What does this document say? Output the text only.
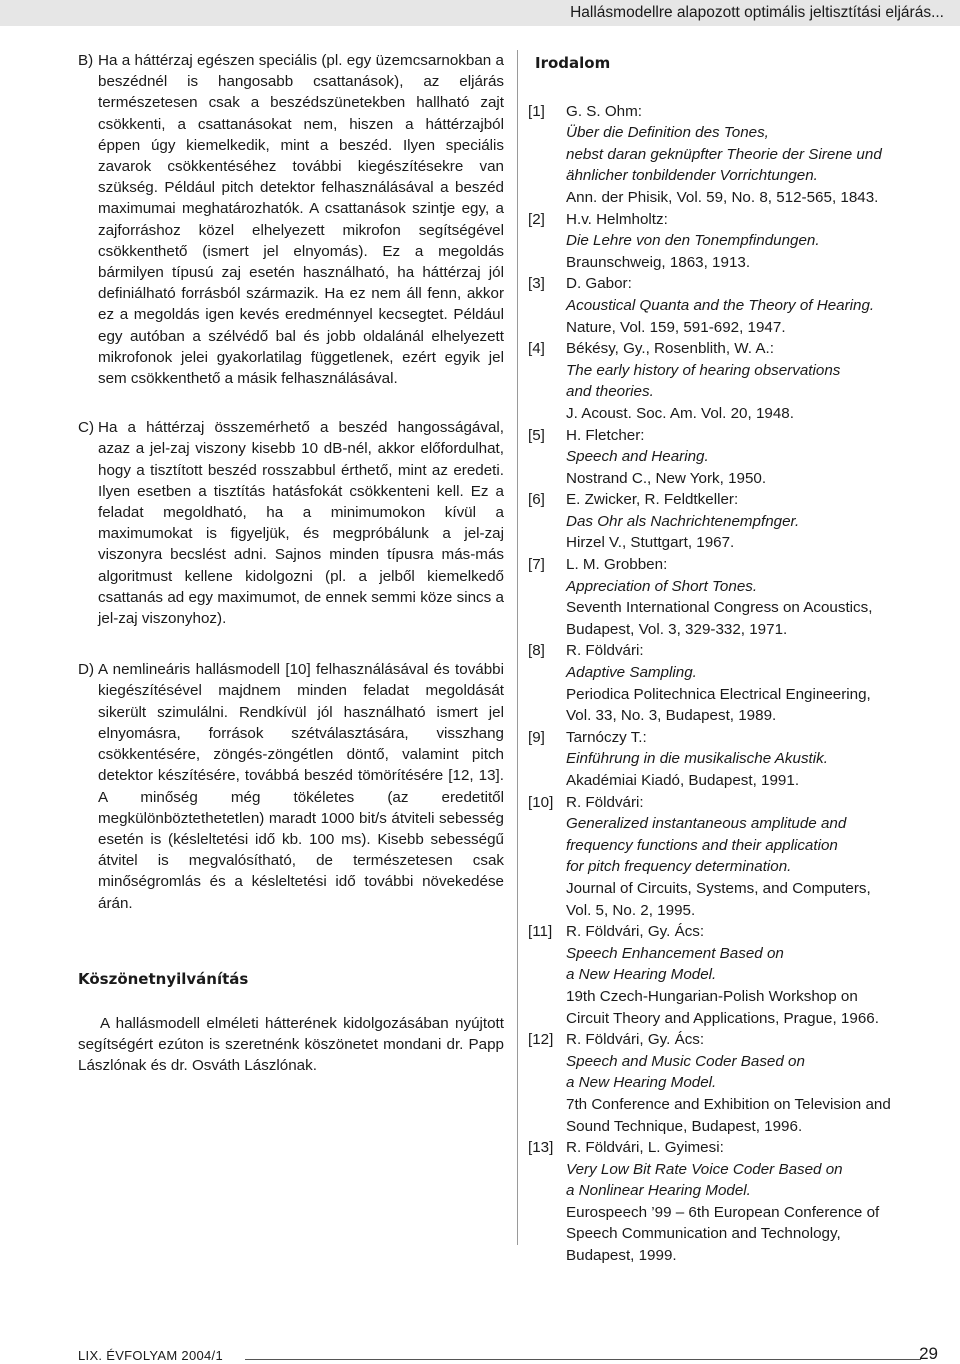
Hallásmodellre alapozott optimális jeltisztítási eljárás...
B) Ha a háttérzaj egészen speciális (pl. egy üzemcsarnokban a beszédnél is hangosabb csattanások), az eljárás természetesen csak a beszédszünetekben hallható zajt csökkenti, a csattanásokat nem, hiszen a háttérzajból éppen úgy kiemelkedik, mint a beszéd. Ilyen speciális zavarok csökkentéséhez további kiegészítésekre van szükség. Például pitch detektor felhasználásával a beszéd maximumai meghatározhatók. A csattanások szintje egy, a zajforráshoz közel elhelyezett mikrofon segítségével csökkenthető (ismert jel elnyomás). Ez a megoldás bármilyen típusú zaj esetén használható, ha háttérzaj jól definiálható forrásból származik. Ha ez nem áll fenn, akkor ez a megoldás igen kevés eredménnyel kecsegtet. Például egy autóban a szélvédő bal és jobb oldalánál elhelyezett mikrofonok jelei gyakorlatilag függetlenek, ezért egyik jel sem csökkenthető a másik felhasználásával.
C) Ha a háttérzaj összemérhető a beszéd hangosságával, azaz a jel-zaj viszony kisebb 10 dB-nél, akkor előfordulhat, hogy a tisztított beszéd rosszabbul érthető, mint az eredeti. Ilyen esetben a tisztítás hatásfokát csökkenteni kell. Ez a feladat megoldható, ha a minimumokon kívül a maximumokat is figyeljük, és megpróbálunk a jel-zaj viszonyra becslést adni. Sajnos minden típusra más-más algoritmust kellene kidolgozni (pl. a jelből kiemelkedő csattanás ad egy maximumot, de ennek semmi köze sincs a jel-zaj viszonyhoz).
D) A nemlineáris hallásmodell [10] felhasználásával és további kiegészítésével majdnem minden feladat megoldását sikerült szimulálni. Rendkívül jól használható ismert jel elnyomásra, források szétválasztására, visszhang csökkentésére, zöngés-zöngétlen döntő, valamint pitch detektor készítésére, továbbá beszéd tömörítésére [12, 13]. A minőség még tökéletes (az eredetitől megkülönböztethetetlen) maradt 1000 bit/s átviteli sebesség esetén is (késleltetési idő kb. 100 ms). Kisebb sebességű átvitel is megvalósítható, de természetesen csak minőségromlás és a késleltetési idő további növekedése árán.
Köszönetnyilvánítás
A hallásmodell elméleti hátterének kidolgozásában nyújtott segítségért ezúton is szeretnénk köszönetet mondani dr. Papp Lászlónak és dr. Osváth Lászlónak.
Irodalom
[1]	G. S. Ohm:
Über die Definition des Tones,
nebst daran geknüpfter Theorie der Sirene und
ähnlicher tonbildender Vorrichtungen.
Ann. der Phisik, Vol. 59, No. 8, 512-565, 1843.
[2]	H.v. Helmholtz:
Die Lehre von den Tonempfindungen.
Braunschweig, 1863, 1913.
[3]	D. Gabor:
Acoustical Quanta and the Theory of Hearing.
Nature, Vol. 159, 591-692, 1947.
[4]	Békésy, Gy., Rosenblith, W. A.:
The early history of hearing observations
and theories.
J. Acoust. Soc. Am. Vol. 20, 1948.
[5]	H. Fletcher:
Speech and Hearing.
Nostrand C., New York, 1950.
[6]	E. Zwicker, R. Feldtkeller:
Das Ohr als Nachrichtenempfnger.
Hirzel V., Stuttgart, 1967.
[7]	L. M. Grobben:
Appreciation of Short Tones.
Seventh International Congress on Acoustics,
Budapest, Vol. 3, 329-332, 1971.
[8]	R. Földvári:
Adaptive Sampling.
Periodica Politechnica Electrical Engineering,
Vol. 33, No. 3, Budapest, 1989.
[9]	Tarnóczy T.:
Einführung in die musikalische Akustik.
Akadémiai Kiadó, Budapest, 1991.
[10] R. Földvári:
Generalized instantaneous amplitude and
frequency functions and their application
for pitch frequency determination.
Journal of Circuits, Systems, and Computers,
Vol. 5, No. 2, 1995.
[11] R. Földvári, Gy. Ács:
Speech Enhancement Based on
a New Hearing Model.
19th Czech-Hungarian-Polish Workshop on
Circuit Theory and Applications, Prague, 1966.
[12] R. Földvári, Gy. Ács:
Speech and Music Coder Based on
a New Hearing Model.
7th Conference and Exhibition on Television and
Sound Technique, Budapest, 1996.
[13] R. Földvári, L. Gyimesi:
Very Low Bit Rate Voice Coder Based on
a Nonlinear Hearing Model.
Eurospeech ’99 – 6th European Conference of
Speech Communication and Technology,
Budapest, 1999.
LIX. ÉVFOLYAM 2004/1	29
